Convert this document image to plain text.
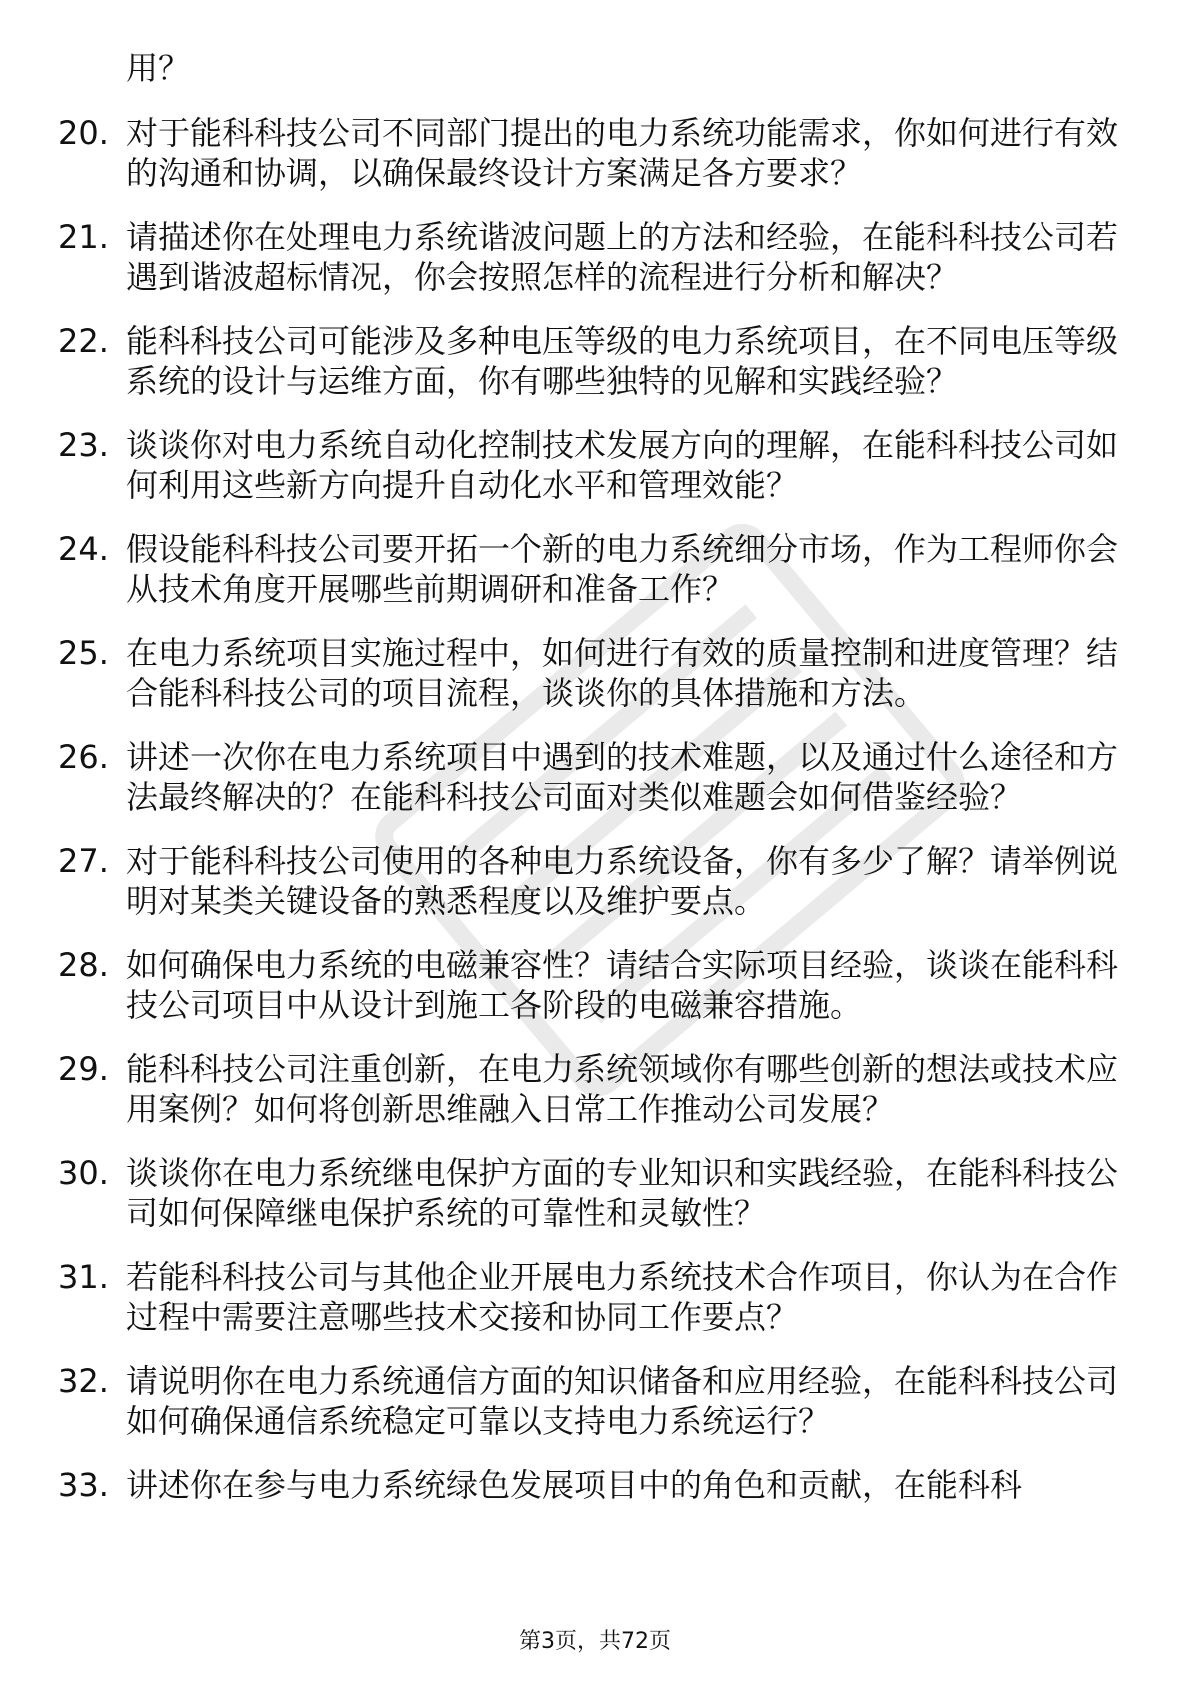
用？
20. 对于能科科技公司不同部门提出的电力系统功能需求，你如何进行有效的沟通和协调，以确保最终设计方案满足各方要求？
21. 请描述你在处理电力系统谐波问题上的方法和经验，在能科科技公司若遇到谐波超标情况，你会按照怎样的流程进行分析和解决？
22. 能科科技公司可能涉及多种电压等级的电力系统项目，在不同电压等级系统的设计与运维方面，你有哪些独特的见解和实践经验？
23. 谈谈你对电力系统自动化控制技术发展方向的理解，在能科科技公司如何利用这些新方向提升自动化水平和管理效能？
24. 假设能科科技公司要开拓一个新的电力系统细分市场，作为工程师你会从技术角度开展哪些前期调研和准备工作？
25. 在电力系统项目实施过程中，如何进行有效的质量控制和进度管理？结合能科科技公司的项目流程，谈谈你的具体措施和方法。
26. 讲述一次你在电力系统项目中遇到的技术难题，以及通过什么途径和方法最终解决的？在能科科技公司面对类似难题会如何借鉴经验？
27. 对于能科科技公司使用的各种电力系统设备，你有多少了解？请举例说明对某类关键设备的熟悉程度以及维护要点。
28. 如何确保电力系统的电磁兼容性？请结合实际项目经验，谈谈在能科科技公司项目中从设计到施工各阶段的电磁兼容措施。
29. 能科科技公司注重创新，在电力系统领域你有哪些创新的想法或技术应用案例？如何将创新思维融入日常工作推动公司发展？
30. 谈谈你在电力系统继电保护方面的专业知识和实践经验，在能科科技公司如何保障继电保护系统的可靠性和灵敏性？
31. 若能科科技公司与其他企业开展电力系统技术合作项目，你认为在合作过程中需要注意哪些技术交接和协同工作要点？
32. 请说明你在电力系统通信方面的知识储备和应用经验，在能科科技公司如何确保通信系统稳定可靠以支持电力系统运行？
33. 讲述你在参与电力系统绿色发展项目中的角色和贡献，在能科科
第3页，共72页
